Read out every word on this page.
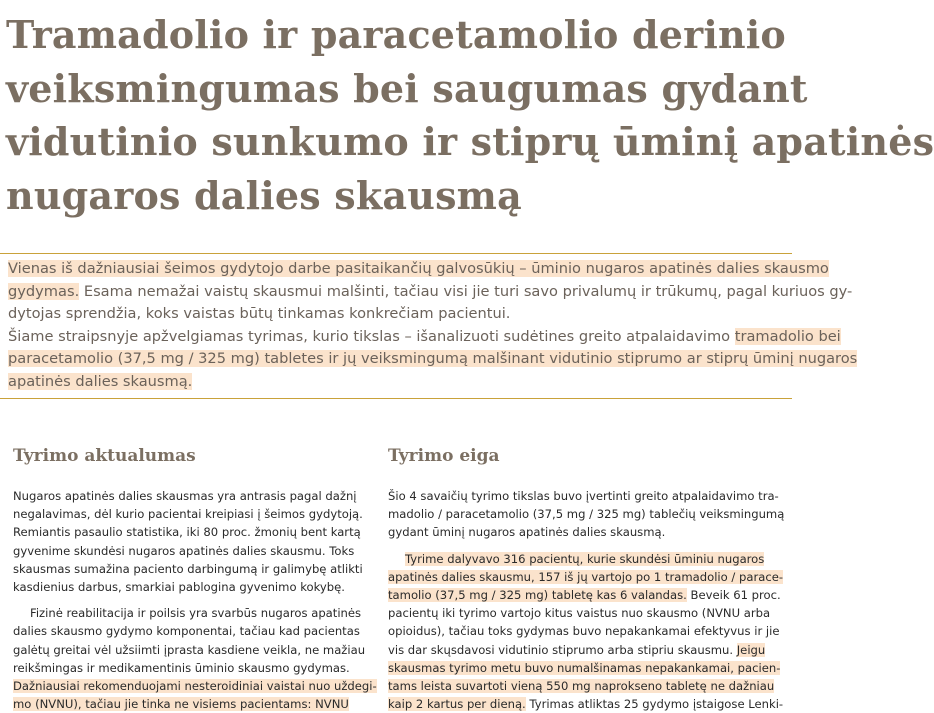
Tramadolio ir paracetamolio derinio
veiksmingumas bei saugumas gydant
vidutinio sunkumo ir stiprų ūminį apatinės
nugaros dalies skausmą
Vienas iš dažniausiai šeimos gydytojo darbe pasitaikančių galvosūkių – ūminio nugaros apatinės dalies skausmo
gydymas. Esama nemažai vaistų skausmui malšinti, tačiau visi jie turi savo privalumų ir trūkumų, pagal kuriuos gy-
dytojas sprendžia, koks vaistas būtų tinkamas konkrečiam pacientui.
Šiame straipsnyje apžvelgiamas tyrimas, kurio tikslas – išanalizuoti sudėtines greito atpalaidavimo tramadolio bei
paracetamolio (37,5 mg / 325 mg) tabletes ir jų veiksmingumą malšinant vidutinio stiprumo ar stiprų ūminį nugaros
apatinės dalies skausmą.
Tyrimo aktualumas
Nugaros apatinės dalies skausmas yra antrasis pagal dažnį
negalavimas, dėl kurio pacientai kreipiasi į šeimos gydytoją.
Remiantis pasaulio statistika, iki 80 proc. žmonių bent kartą
gyvenime skundėsi nugaros apatinės dalies skausmu. Toks
skausmas sumažina paciento darbingumą ir galimybę atlikti
kasdienius darbus, smarkiai pablogina gyvenimo kokybę.
Fizinė reabilitacija ir poilsis yra svarbūs nugaros apatinės
dalies skausmo gydymo komponentai, tačiau kad pacientas
galėtų greitai vėl užsiimti įprasta kasdiene veikla, ne mažiau
reikšmingas ir medikamentinis ūminio skausmo gydymas.
Dažniausiai rekomenduojami nesteroidiniai vaistai nuo uždegi-
mo (NVNU), tačiau jie tinka ne visiems pacientams: NVNU
Tyrimo eiga
Šio 4 savaičių tyrimo tikslas buvo įvertinti greito atpalaidavimo tra-
madolio / paracetamolio (37,5 mg / 325 mg) tablečių veiksmingumą
gydant ūminį nugaros apatinės dalies skausmą.
Tyrime dalyvavo 316 pacientų, kurie skundėsi ūminiu nugaros
apatinės dalies skausmu, 157 iš jų vartojo po 1 tramadolio / parace-
tamolio (37,5 mg / 325 mg) tabletę kas 6 valandas. Beveik 61 proc.
pacientų iki tyrimo vartojo kitus vaistus nuo skausmo (NVNU arba
opioidus), tačiau toks gydymas buvo nepakankamai efektyvus ir jie
vis dar skųsdavosi vidutinio stiprumo arba stipriu skausmu. Jeigu
skausmas tyrimo metu buvo numalšinamas nepakankamai, pacien-
tams leista suvartoti vieną 550 mg naprokseno tabletę ne dažniau
kaip 2 kartus per dieną. Tyrimas atliktas 25 gydymo įstaigose Lenki-
